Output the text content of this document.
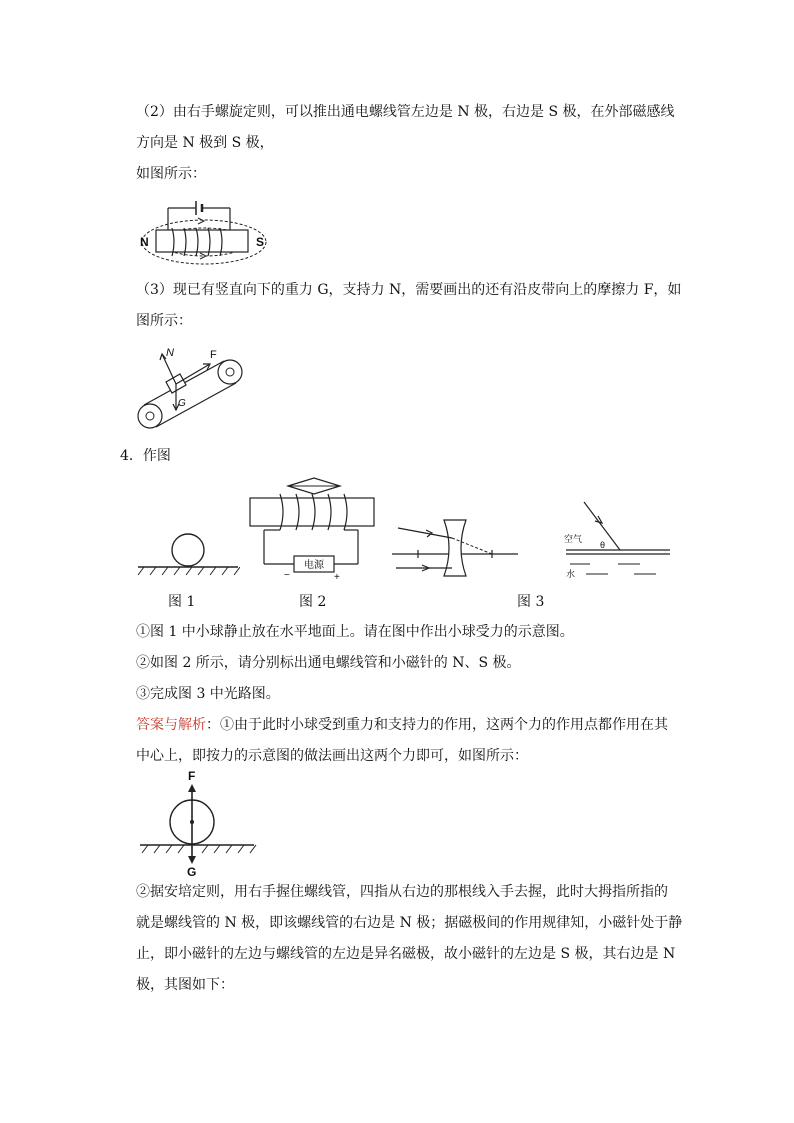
（2）由右手螺旋定则，可以推出通电螺线管左边是 N 极，右边是 S 极，在外部磁感线
方向是 N 极到 S 极，
如图所示：
N	S
（3）现已有竖直向下的重力 G，支持力 N，需要画出的还有沿皮带向上的摩擦力 F，如
图所示：
N	F
G
4．作图
电源
−	+
空气
θ
水
图 1	图 2	图 3
①图 1 中小球静止放在水平地面上。请在图中作出小球受力的示意图。
②如图 2 所示，请分别标出通电螺线管和小磁针的 N、S 极。
③完成图 3 中光路图。
答案与解析：①由于此时小球受到重力和支持力的作用，这两个力的作用点都作用在其
中心上，即按力的示意图的做法画出这两个力即可，如图所示：
F
G
②据安培定则，用右手握住螺线管，四指从右边的那根线入手去握，此时大拇指所指的
就是螺线管的 N 极，即该螺线管的右边是 N 极；据磁极间的作用规律知，小磁针处于静
止，即小磁针的左边与螺线管的左边是异名磁极，故小磁针的左边是 S 极，其右边是 N
极，其图如下：
